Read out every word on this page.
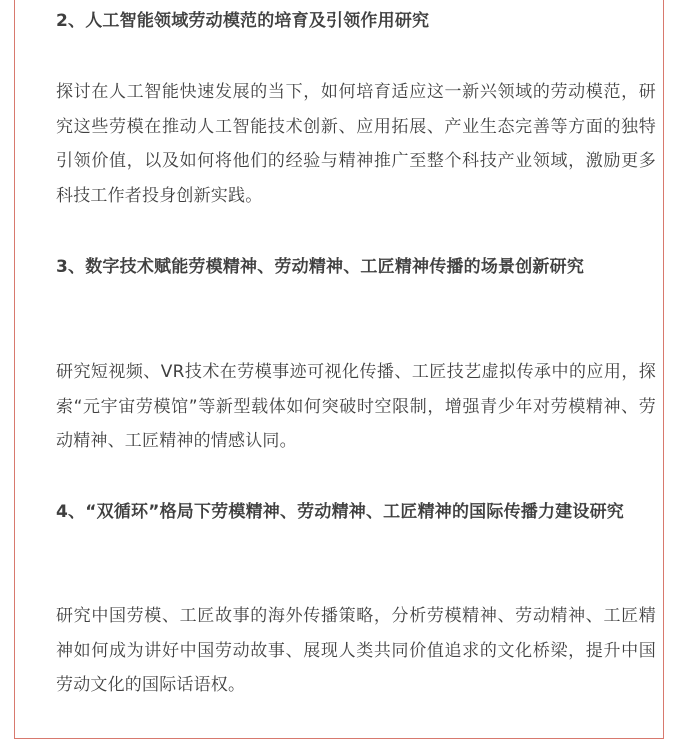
2、人工智能领域劳动模范的培育及引领作用研究

探讨在人工智能快速发展的当下，如何培育适应这一新兴领域的劳动模范，研究这些劳模在推动人工智能技术创新、应用拓展、产业生态完善等方面的独特引领价值，以及如何将他们的经验与精神推广至整个科技产业领域，激励更多科技工作者投身创新实践。

3、数字技术赋能劳模精神、劳动精神、工匠精神传播的场景创新研究

研究短视频、VR技术在劳模事迹可视化传播、工匠技艺虚拟传承中的应用，探索“元宇宙劳模馆”等新型载体如何突破时空限制，增强青少年对劳模精神、劳动精神、工匠精神的情感认同。

4、“双循环”格局下劳模精神、劳动精神、工匠精神的国际传播力建设研究

研究中国劳模、工匠故事的海外传播策略，分析劳模精神、劳动精神、工匠精神如何成为讲好中国劳动故事、展现人类共同价值追求的文化桥梁，提升中国劳动文化的国际话语权。
